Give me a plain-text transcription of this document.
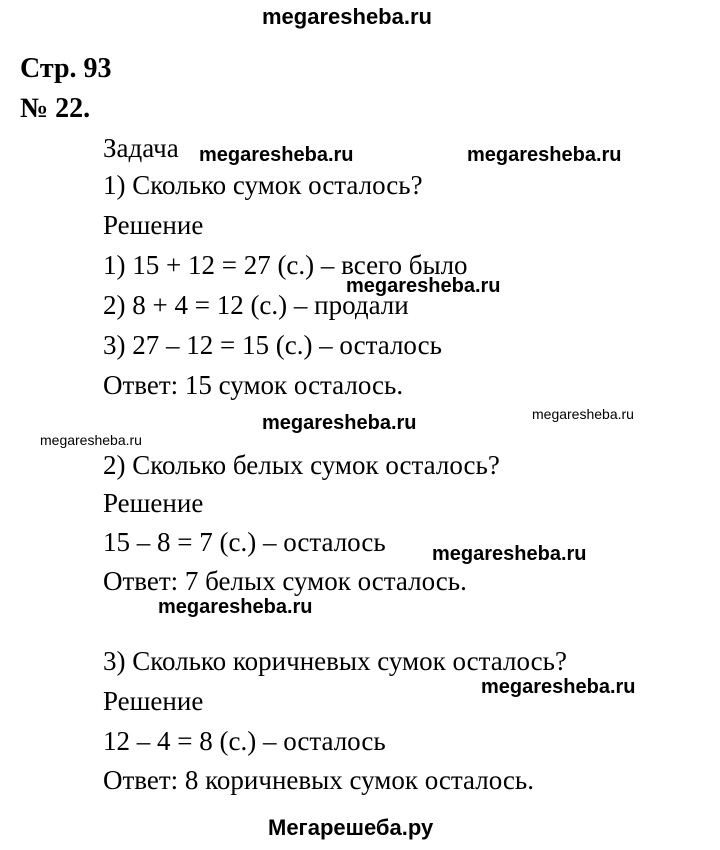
megaresheba.ru
Стр. 93
№ 22.
Задача
1) Сколько сумок осталось?
Решение
1) 15 + 12 = 27 (с.) – всего было
2) 8 + 4 = 12 (с.) – продали
3) 27 – 12 = 15 (с.) – осталось
Ответ: 15 сумок осталось.
2) Сколько белых сумок осталось?
Решение
15 – 8 = 7 (с.) – осталось
Ответ: 7 белых сумок осталось.
3) Сколько коричневых сумок осталось?
Решение
12 – 4 = 8 (с.) – осталось
Ответ: 8 коричневых сумок осталось.
megaresheba.ru	megaresheba.ru
megaresheba.ru
megaresheba.ru	megaresheba.ru
megaresheba.ru
megaresheba.ru
megaresheba.ru
megaresheba.ru
Мегарешеба.ру
